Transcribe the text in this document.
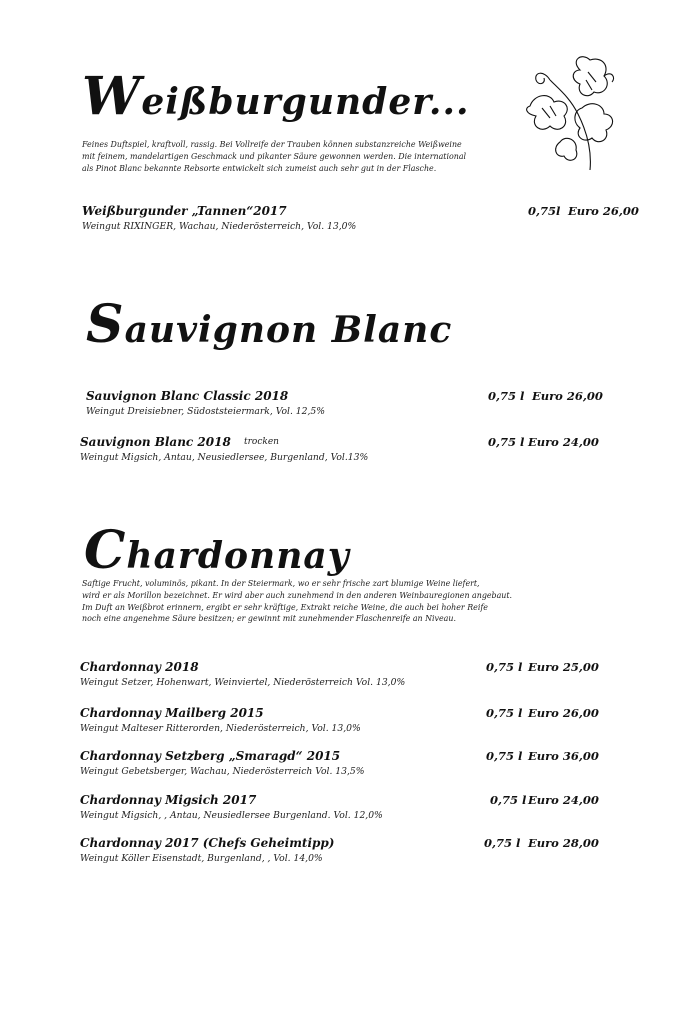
Weißburgunder...
Feines Duftspiel, kraftvoll, rassig. Bei Vollreife der Trauben können substanzreiche Weißweine
mit feinem, mandelartigen Geschmack und pikanter Säure gewonnen werden. Die international
als Pinot Blanc bekannte Rebsorte entwickelt sich zumeist auch sehr gut in der Flasche.
Weißburgunder „Tannen“2017
Weingut RIXINGER, Wachau, Niederösterreich, Vol. 13,0%
0,75l Euro 26,00
Sauvignon Blanc
Sauvignon Blanc Classic 2018
Weingut Dreisiebner, Südoststeiermark, Vol. 12,5%
0,75 l Euro 26,00
Sauvignon Blanc 2018 trocken
Weingut Migsich, Antau, Neusiedlersee, Burgenland, Vol.13%
0,75 l Euro 24,00
Chardonnay
Saftige Frucht, voluminös, pikant. In der Steiermark, wo er sehr frische zart blumige Weine liefert,
wird er als Morillon bezeichnet. Er wird aber auch zunehmend in den anderen Weinbauregionen angebaut.
Im Duft an Weißbrot erinnern, ergibt er sehr kräftige, Extrakt reiche Weine, die auch bei hoher Reife
noch eine angenehme Säure besitzen; er gewinnt mit zunehmender Flaschenreife an Niveau.
Chardonnay 2018
Weingut Setzer, Hohenwart, Weinviertel, Niederösterreich Vol. 13,0%
0,75 l Euro 25,00
Chardonnay Mailberg 2015
Weingut Malteser Ritterorden, Niederösterreich, Vol. 13,0%
0,75 l Euro 26,00
Chardonnay Setzberg „Smaragd“ 2015
Weingut Gebetsberger, Wachau, Niederösterreich Vol. 13,5%
0,75 l Euro 36,00
Chardonnay Migsich 2017
Weingut Migsich, , Antau, Neusiedlersee Burgenland. Vol. 12,0%
0,75 l Euro 24,00
Chardonnay 2017 (Chefs Geheimtipp)
Weingut Köller Eisenstadt, Burgenland, , Vol. 14,0%
0,75 l Euro 28,00
